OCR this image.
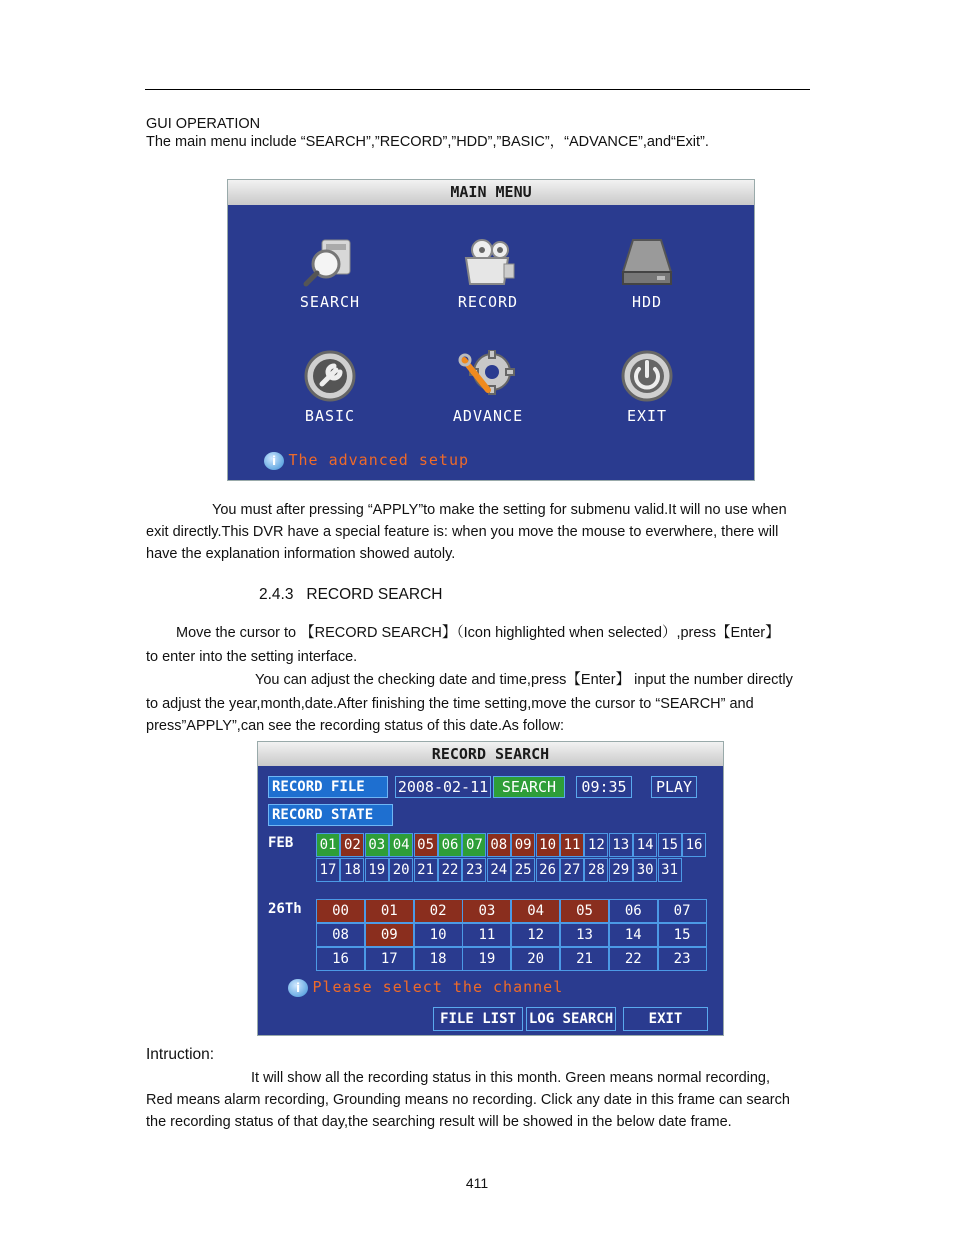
GUI OPERATION
The main menu include “SEARCH”,”RECORD”,”HDD”,”BASIC”，“ADVANCE”,and“Exit”.
MAIN MENU
SEARCH	RECORD	HDD
BASIC	ADVANCE	EXIT
i The advanced setup
You must after pressing “APPLY”to make the setting for submenu valid.It will no use when
exit directly.This DVR have a special feature is: when you move the mouse to everwhere, there will
have the explanation information showed autoly.
2.4.3   RECORD SEARCH
Move the cursor to 【RECORD SEARCH】（Icon highlighted when selected）,press【Enter】
to enter into the setting interface.
You can adjust the checking date and time,press【Enter】 input the number directly
to adjust the year,month,date.After finishing the time setting,move the cursor to “SEARCH” and
press”APPLY”,can see the recording status of this date.As follow:
RECORD SEARCH
RECORD FILE	2008-02-11 SEARCH	09:35	PLAY
RECORD STATE
FEB 01 02 03 04 05 06 07 08 09 10 11 12 13 14 15 16
17 18 19 20 21 22 23 24 25 26 27 28 29 30 31
26Th	00	01	02	03	04	05	06	07
08	09	10	11	12	13	14	15
16	17	18	19	20	21	22	23
i Please select the channel
FILE LIST LOG SEARCH	EXIT
Intruction:
It will show all the recording status in this month. Green means normal recording,
Red means alarm recording, Grounding means no recording. Click any date in this frame can search
the recording status of that day,the searching result will be showed in the below date frame.
411
